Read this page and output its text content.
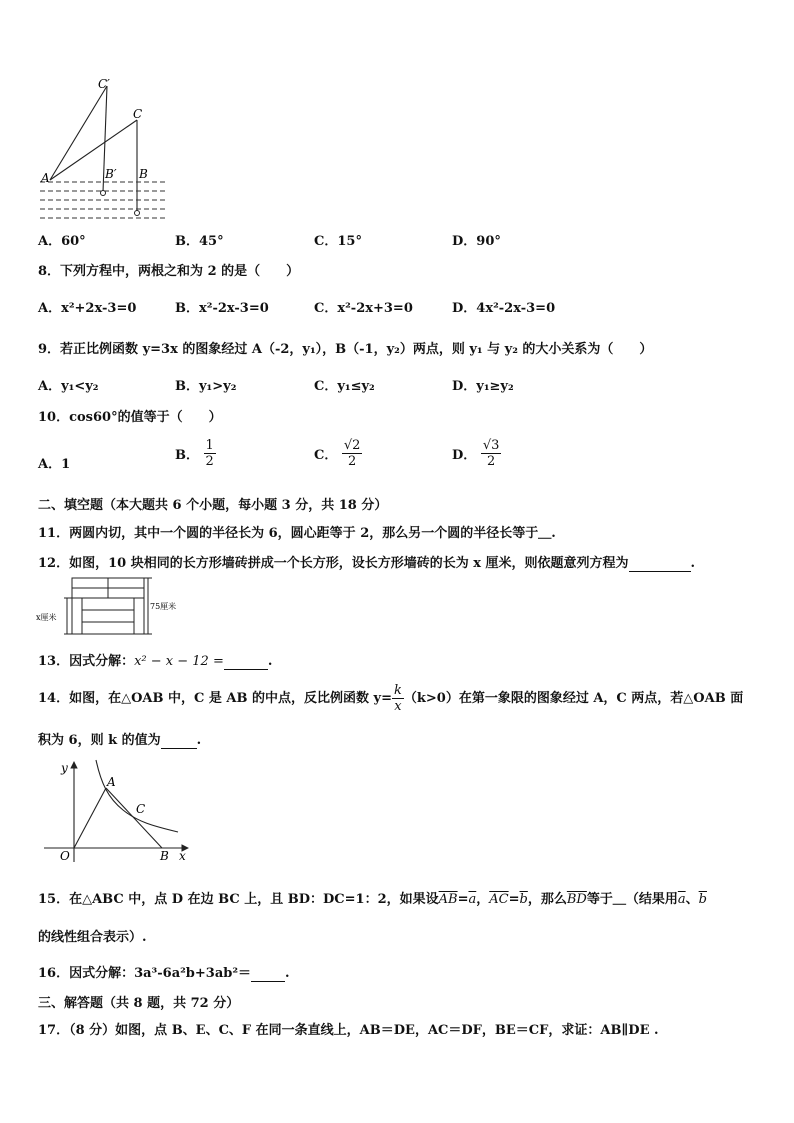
C′
C
A	B′ B
A．60°	B．45°	C．15°	D．90°
8．下列方程中，两根之和为 2 的是（　　）
A．x²+2x-3=0	B．x²-2x-3=0	C．x²-2x+3=0	D．4x²-2x-3=0
9．若正比例函数 y=3x 的图象经过 A（-2，y₁），B（-1，y₂）两点，则 y₁ 与 y₂ 的大小关系为（　　）
A．y₁<y₂	B．y₁>y₂	C．y₁≤y₂	D．y₁≥y₂
10．cos60°的值等于（　　）
A．1
B． $\frac{1}{2}$	C． $\frac{√2}{2}$	D． $\frac{√3}{2}$
二、填空题（本大题共 6 个小题，每小题 3 分，共 18 分）
11．两圆内切，其中一个圆的半径长为 6，圆心距等于 2，那么另一个圆的半径长等于＿.
12．如图，10 块相同的长方形墙砖拼成一个长方形，设长方形墙砖的长为 x 厘米，则依题意列方程为	.
x厘米
75厘米
13．因式分解：x² − x − 12 =	.
14．如图，在△OAB 中，C 是 AB 的中点，反比例函数 $y= \frac{k}{x} (k>0)$在第一象限的图象经过 A，C 两点，若△OAB 面
积为 6，则 k 的值为	.
y
A
C
O	B x
15．在△ABC 中，点 D 在边 BC 上，且 BD：DC=1：2，如果设$\overline{AB}=\overline{a}$，$\overline{AC}=\overline{b}$，那么$\overline{BD}$等于＿（结果用$\overline{a}$、$\overline{b}$
的线性组合表示）.
16．因式分解：3a³-6a²b+3ab²＝	.
三、解答题（共 8 题，共 72 分）
17．（8 分）如图，点 B、E、C、F 在同一条直线上，AB＝DE，AC＝DF，BE＝CF，求证：AB∥DE .
